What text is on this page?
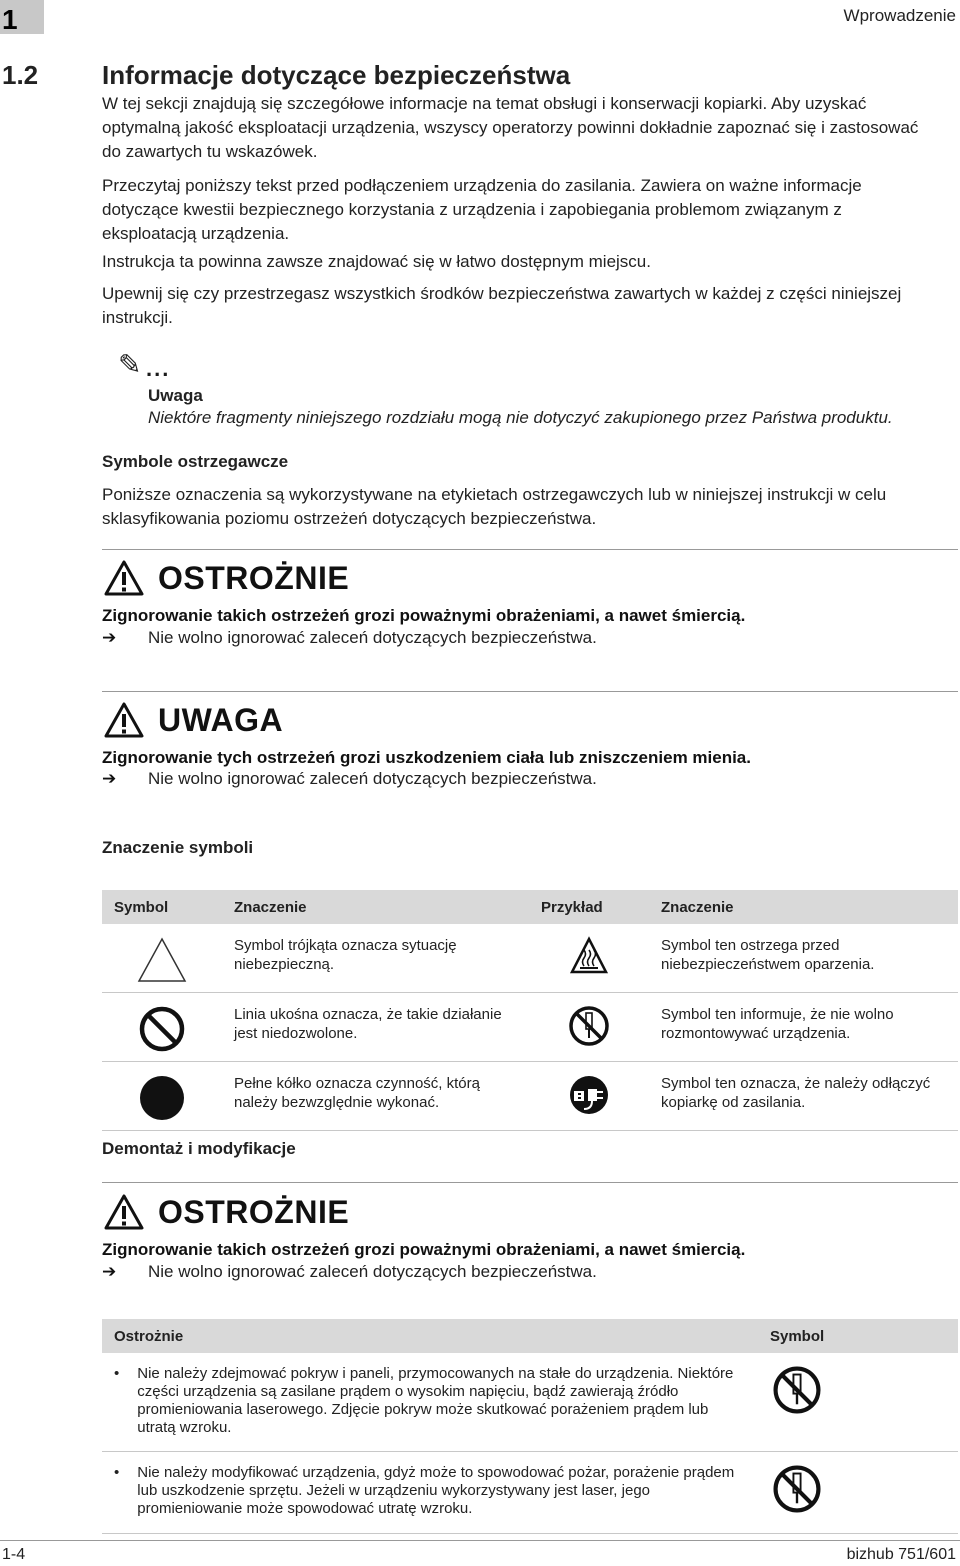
1	Wprowadzenie
1.2 Informacje dotyczące bezpieczeństwa
W tej sekcji znajdują się szczegółowe informacje na temat obsługi i konserwacji kopiarki. Aby uzyskać optymalną jakość eksploatacji urządzenia, wszyscy operatorzy powinni dokładnie zapoznać się i zastosować do zawartych tu wskazówek.
Przeczytaj poniższy tekst przed podłączeniem urządzenia do zasilania. Zawiera on ważne informacje dotyczące kwestii bezpiecznego korzystania z urządzenia i zapobiegania problemom związanym z eksploatacją urządzenia.
Instrukcja ta powinna zawsze znajdować się w łatwo dostępnym miejscu.
Upewnij się czy przestrzegasz wszystkich środków bezpieczeństwa zawartych w każdej z części niniejszej instrukcji.
✎ ...
Uwaga
Niektóre fragmenty niniejszego rozdziału mogą nie dotyczyć zakupionego przez Państwa produktu.
Symbole ostrzegawcze
Poniższe oznaczenia są wykorzystywane na etykietach ostrzegawczych lub w niniejszej instrukcji w celu sklasyfikowania poziomu ostrzeżeń dotyczących bezpieczeństwa.
OSTROŻNIE
Zignorowanie takich ostrzeżeń grozi poważnymi obrażeniami, a nawet śmiercią.
➔ Nie wolno ignorować zaleceń dotyczących bezpieczeństwa.
UWAGA
Zignorowanie tych ostrzeżeń grozi uszkodzeniem ciała lub zniszczeniem mienia.
➔ Nie wolno ignorować zaleceń dotyczących bezpieczeństwa.
Znaczenie symboli
Symbol	Znaczenie	Przykład	Znaczenie

	Symbol trójkąta oznacza sytuację niebezpieczną.		Symbol ten ostrzega przed niebezpieczeństwem oparzenia.

	Linia ukośna oznacza, że takie działanie jest niedozwolone.		Symbol ten informuje, że nie wolno rozmontowywać urządzenia.

	Pełne kółko oznacza czynność, którą należy bezwzględnie wykonać.		Symbol ten oznacza, że należy odłączyć kopiarkę od zasilania.
Demontaż i modyfikacje
OSTROŻNIE
Zignorowanie takich ostrzeżeń grozi poważnymi obrażeniami, a nawet śmiercią.
➔ Nie wolno ignorować zaleceń dotyczących bezpieczeństwa.
Ostrożnie	Symbol

• Nie należy zdejmować pokryw i paneli, przymocowanych na stałe do urządzenia. Niektóre części urządzenia są zasilane prądem o wysokim napięciu, bądź zawierają źródło promieniowania laserowego. Zdjęcie pokryw może skutkować porażeniem prądem lub utratą wzroku.

• Nie należy modyfikować urządzenia, gdyż może to spowodować pożar, porażenie prądem lub uszkodzenie sprzętu. Jeżeli w urządzeniu wykorzystywany jest laser, jego promieniowanie może spowodować utratę wzroku.

1-4	bizhub 751/601
